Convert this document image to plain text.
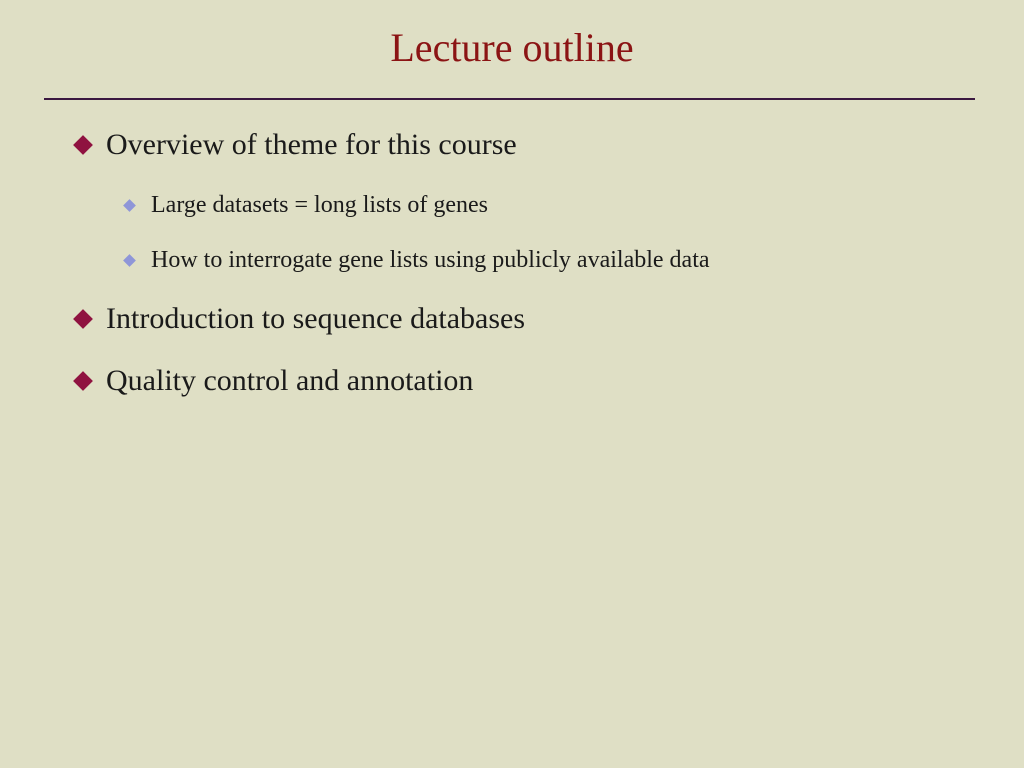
Lecture outline
Overview of theme for this course
Large datasets = long lists of genes
How to interrogate gene lists using publicly available data
Introduction to sequence databases
Quality control and annotation
